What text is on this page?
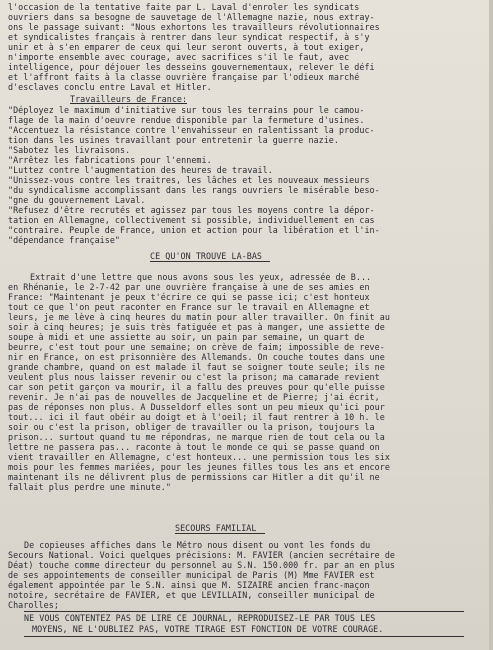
l'occasion de la tentative faite par L. Laval d'enroler les syndicats
ouvriers dans sa besogne de sauvetage de l'Allemagne nazie, nous extray-
ons le passage suivant: "Nous exhortons les travailleurs révolutionnaires
et syndicalistes français à rentrer dans leur syndicat respectif, à s'y
unir et à s'en emparer de ceux qui leur seront ouverts, à tout exiger,
n'importe ensemble avec courage, avec sacrifices s'il le faut, avec
intelligence, pour déjouer les desseins gouvernementaux, relever le défi
et l'affront faits à la classe ouvrière française par l'odieux marché
d'esclaves conclu entre Laval et Hitler.
Travailleurs de France:
"Déployez le maximum d'initiative sur tous les terrains pour le camou-
flage de la main d'oeuvre rendue disponible par la fermeture d'usines.
"Accentuez la résistance contre l'envahisseur en ralentissant la produc-
tion dans les usines travaillant pour entretenir la guerre nazie.
"Sabotez les livraisons.
"Arrêtez les fabrications pour l'ennemi.
"Luttez contre l'augmentation des heures de travail.
"Unissez-vous contre les traitres, les lâches et les nouveaux messieurs
"du syndicalisme accomplissant dans les rangs ouvriers le misérable beso-
"gne du gouvernement Laval.
"Refusez d'être recrutés et agissez par tous les moyens contre la dépor-
tation en Allemagne, collectivement si possible, individuellement en cas
"contraire. Peuple de France, union et action pour la libération et l'in-
"dépendance française"
CE QU'ON TROUVE LA-BAS
Extrait d'une lettre que nous avons sous les yeux, adressée de B...
en Rhénanie, le 2-7-42 par une ouvrière française à une de ses amies en
France: "Maintenant je peux t'écrire ce qui se passe ici; c'est honteux
tout ce que l'on peut raconter en France sur le travail en Allemagne et
leurs, je me lève à cinq heures du matin pour aller travailler. On finit au
soir à cinq heures; je suis très fatiguée et pas à manger, une assiette de
soupe à midi et une assiette au soir, un pain par semaine, un quart de
beurre, c'est tout pour une semaine; on crève de faim; impossible de reve-
nir en France, on est prisonnière des Allemands. On couche toutes dans une
grande chambre, quand on est malade il faut se soigner toute seule; ils ne
veulent plus nous laisser revenir ou c'est la prison; ma camarade revient
car son petit garçon va mourir, il a fallu des preuves pour qu'elle puisse
revenir. Je n'ai pas de nouvelles de Jacqueline et de Pierre; j'ai écrit,
pas de réponses non plus. A Dusseldorf elles sont un peu mieux qu'ici pour
tout... ici il faut obéir au doigt et à l'oeil; il faut rentrer à 10 h. le
soir ou c'est la prison, obliger de travailler ou la prison, toujours la
prison... surtout quand tu me répondras, ne marque rien de tout cela ou la
lettre ne passera pas... raconte à tout le monde ce qui se passe quand on
vient travailler en Allemagne, c'est honteux... une permission tous les six
mois pour les femmes mariées, pour les jeunes filles tous les ans et encore
maintenant ils ne délivrent plus de permissions car Hitler a dit qu'il ne
fallait plus perdre une minute."
SECOURS FAMILIAL
De copieuses affiches dans le Métro nous disent ou vont les fonds du
Secours National. Voici quelques précisions: M. FAVIER (ancien secrétaire de
Déat) touche comme directeur du personnel au S.N. 150.000 fr. par an en plus
de ses appointements de conseiller municipal de Paris (M) Mme FAVIER est
également appointée par le S.N. ainsi que M. SIZAIRE ancien franc-maçon
notoire, secrétaire de FAVIER, et que LEVILLAIN, conseiller municipal de
Charolles;
NE VOUS CONTENTEZ PAS DE LIRE CE JOURNAL, REPRODUISEZ-LE PAR TOUS LES
MOYENS, NE L'OUBLIEZ PAS, VOTRE TIRAGE EST FONCTION DE VOTRE COURAGE.
